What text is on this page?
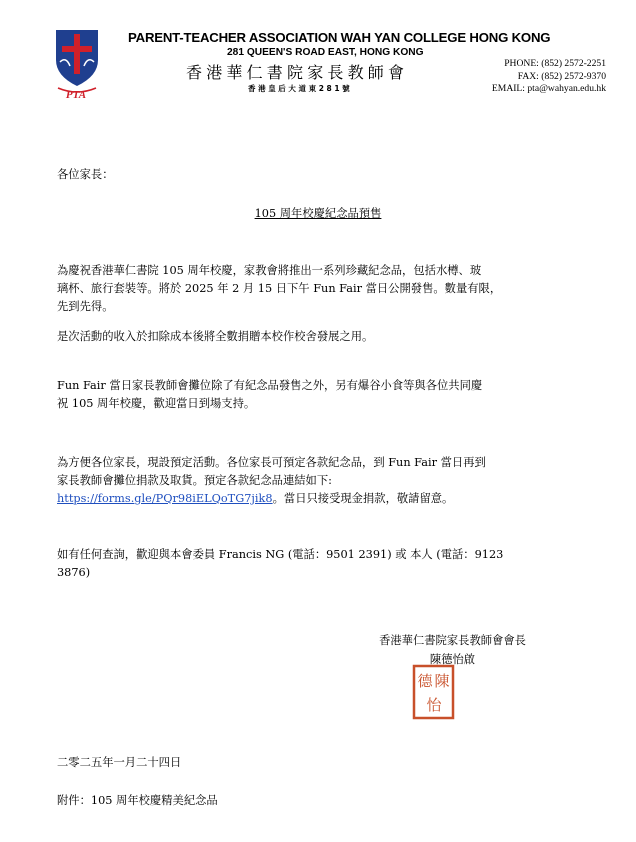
PTA
PARENT-TEACHER ASSOCIATION WAH YAN COLLEGE HONG KONG
281 QUEEN'S ROAD EAST, HONG KONG
香港華仁書院家長教師會
香港皇后大道東281號
PHONE: (852) 2572-2251
FAX: (852) 2572-9370
EMAIL: pta@wahyan.edu.hk
各位家長：
105 周年校慶紀念品預售
為慶祝香港華仁書院 105 周年校慶，家教會將推出一系列珍藏紀念品，包括水樽、玻
璃杯、旅行套裝等。將於 2025 年 2 月 15 日下午 Fun Fair 當日公開發售。數量有限，
先到先得。
是次活動的收入於扣除成本後將全數捐贈本校作校舍發展之用。
Fun Fair 當日家長教師會攤位除了有紀念品發售之外，另有爆谷小食等與各位共同慶
祝 105 周年校慶，歡迎當日到場支持。
為方便各位家長，現設預定活動。各位家長可預定各款紀念品，到 Fun Fair 當日再到
家長教師會攤位捐款及取貨。預定各款紀念品連結如下:
https://forms.gle/PQr98iELQoTG7jik8。當日只接受現金捐款，敬請留意。
如有任何查詢，歡迎與本會委員 Francis NG (電話：9501 2391) 或 本人 (電話：9123
3876)
香港華仁書院家長教師會會長
陳德怡啟
陳
德
怡
二零二五年一月二十四日
附件：105 周年校慶精美紀念品
